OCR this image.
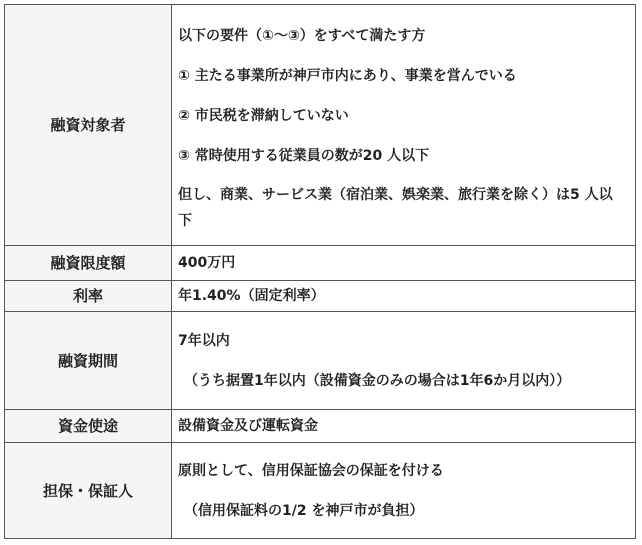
融資対象者	以下の要件（①～③）をすべて満たす方
① 主たる事業所が神戸市内にあり、事業を営んでいる
② 市民税を滞納していない
③ 常時使用する従業員の数が20 人以下
但し、商業、サービス業（宿泊業、娯楽業、旅行業を除く）は5 人以下

融資限度額	400万円

利率	年1.40%（固定利率）

融資期間	7年以内
（うち据置1年以内（設備資金のみの場合は1年6か月以内））

資金使途	設備資金及び運転資金

担保・保証人	原則として、信用保証協会の保証を付ける
（信用保証料の1/2 を神戸市が負担）
